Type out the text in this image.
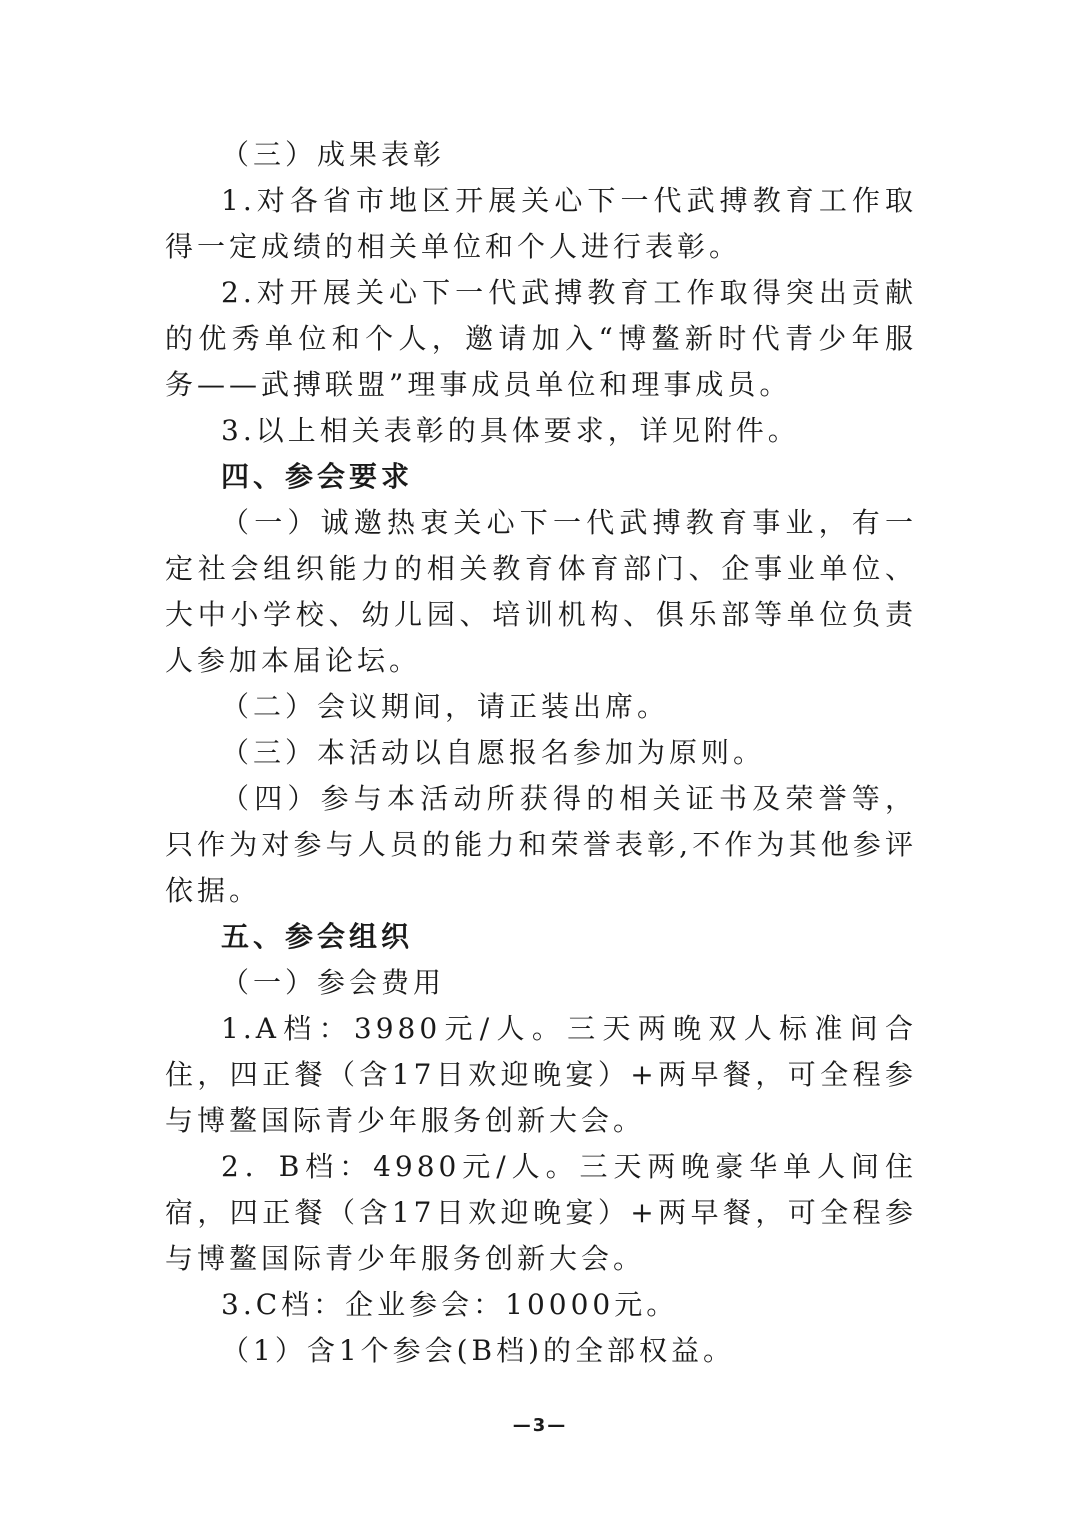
（三）成果表彰

1.对各省市地区开展关心下一代武搏教育工作取得一定成绩的相关单位和个人进行表彰。

2.对开展关心下一代武搏教育工作取得突出贡献的优秀单位和个人，邀请加入“博鳌新时代青少年服务——武搏联盟”理事成员单位和理事成员。

3.以上相关表彰的具体要求，详见附件。

四、参会要求

（一）诚邀热衷关心下一代武搏教育事业，有一定社会组织能力的相关教育体育部门、企事业单位、大中小学校、幼儿园、培训机构、俱乐部等单位负责人参加本届论坛。

（二）会议期间，请正装出席。

（三）本活动以自愿报名参加为原则。

（四）参与本活动所获得的相关证书及荣誉等，只作为对参与人员的能力和荣誉表彰,不作为其他参评依据。

五、参会组织

（一）参会费用

1.A档：3980元/人。三天两晚双人标准间合住，四正餐（含17日欢迎晚宴）+两早餐，可全程参与博鳌国际青少年服务创新大会。

2．B档：4980元/人。三天两晚豪华单人间住宿，四正餐（含17日欢迎晚宴）+两早餐，可全程参与博鳌国际青少年服务创新大会。

3.C档：企业参会：10000元。

（1）含1个参会(B档)的全部权益。

—3—
